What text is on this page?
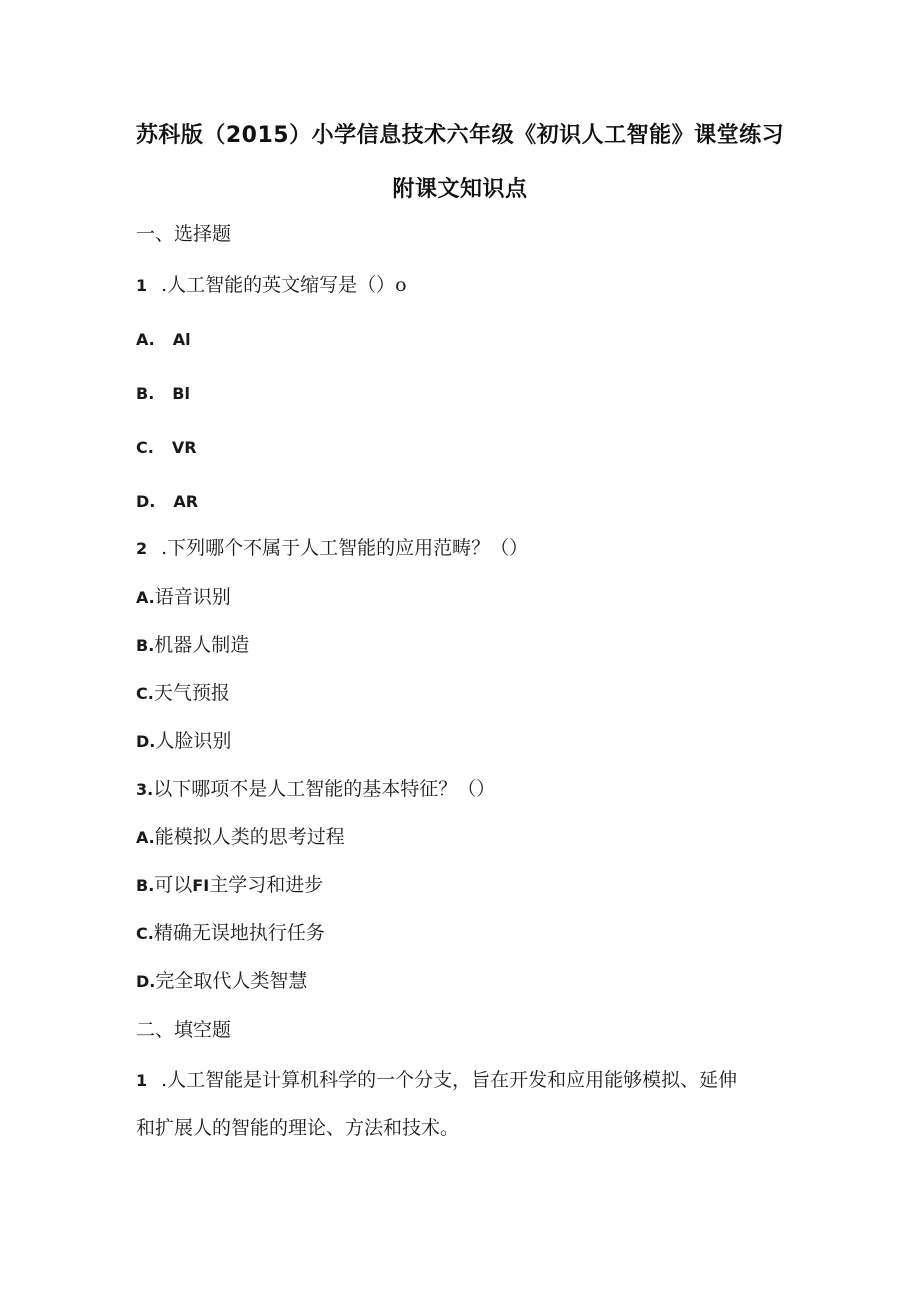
苏科版（2015）小学信息技术六年级《初识人工智能》课堂练习
附课文知识点
一、选择题
1 .人工智能的英文缩写是（）o
A. Al
B. Bl
C. VR
D. AR
2 .下列哪个不属于人工智能的应用范畴？（）
A.语音识别
B.机器人制造
C.天气预报
D.人脸识别
3.以下哪项不是人工智能的基本特征？（）
A.能模拟人类的思考过程
B.可以FI主学习和进步
C.精确无误地执行任务
D.完全取代人类智慧
二、填空题
1 .人工智能是计算机科学的一个分支，旨在开发和应用能够模拟、延伸
和扩展人的智能的理论、方法和技术。
